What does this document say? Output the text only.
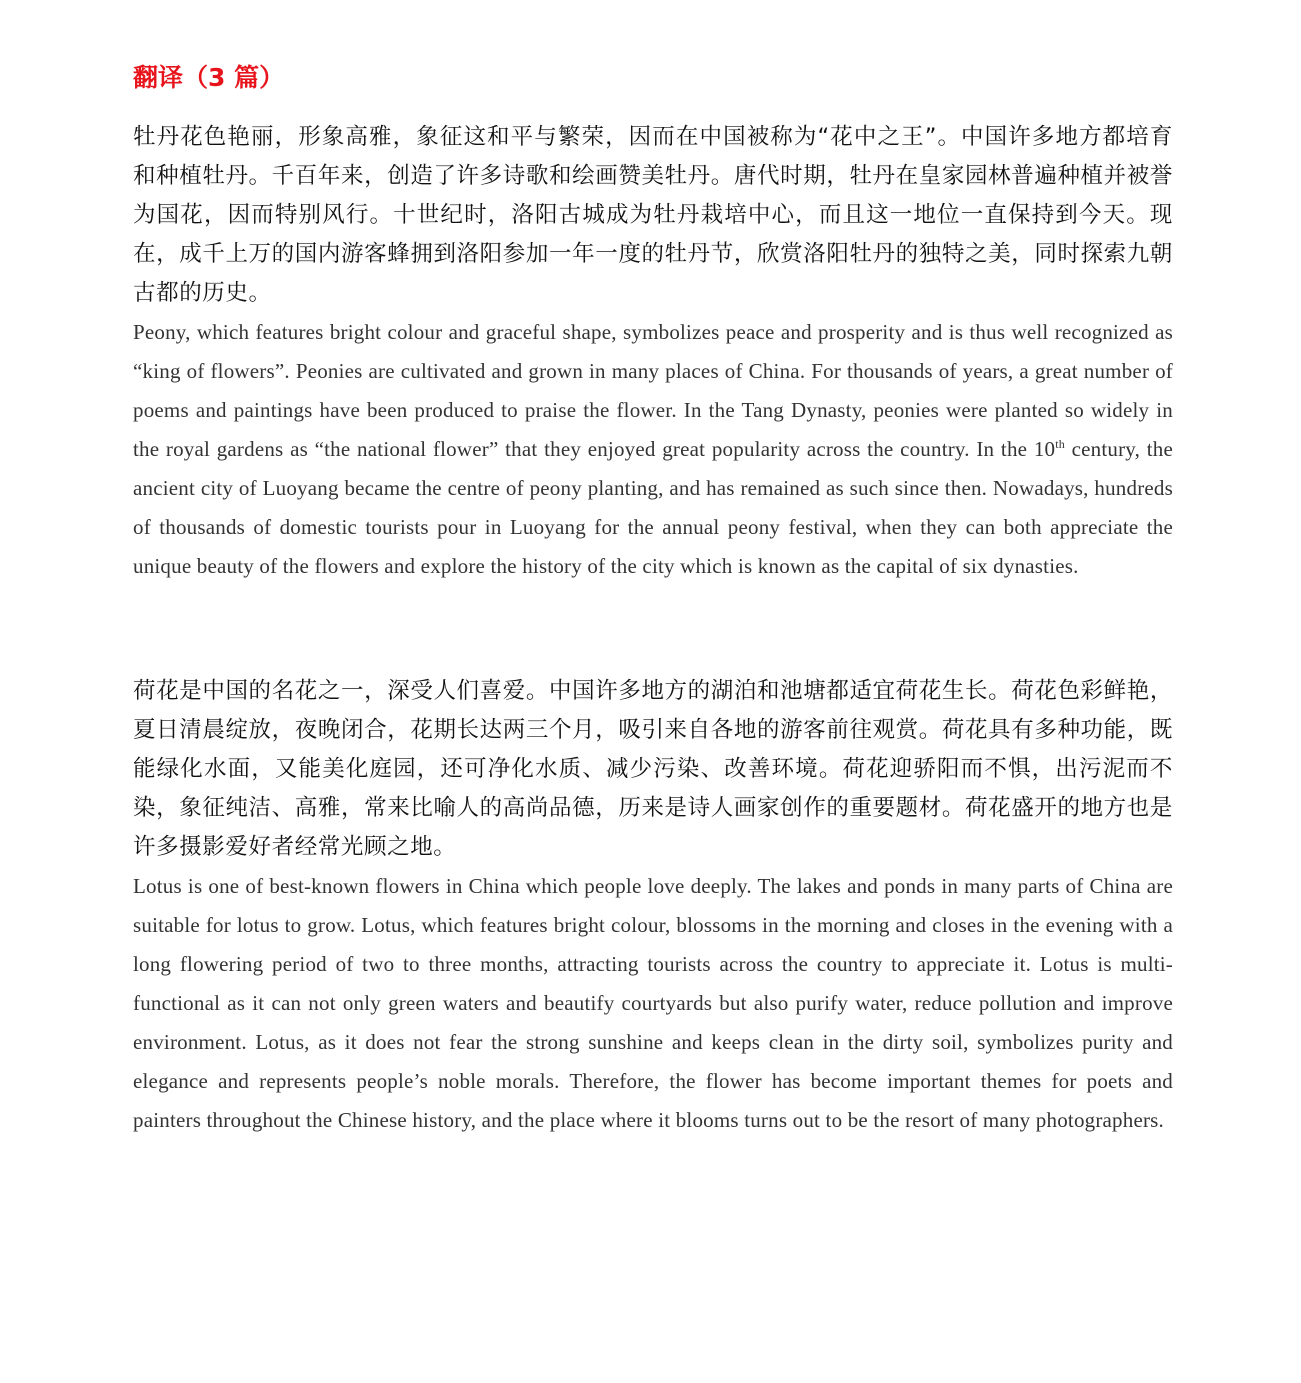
翻译（3 篇）

牡丹花色艳丽，形象高雅，象征这和平与繁荣，因而在中国被称为“花中之王”。中国许多地方都培育和种植牡丹。千百年来，创造了许多诗歌和绘画赞美牡丹。唐代时期，牡丹在皇家园林普遍种植并被誉为国花，因而特别风行。十世纪时，洛阳古城成为牡丹栽培中心，而且这一地位一直保持到今天。现在，成千上万的国内游客蜂拥到洛阳参加一年一度的牡丹节，欣赏洛阳牡丹的独特之美，同时探索九朝古都的历史。

Peony, which features bright colour and graceful shape, symbolizes peace and prosperity and is thus well recognized as “king of flowers”. Peonies are cultivated and grown in many places of China. For thousands of years, a great number of poems and paintings have been produced to praise the flower. In the Tang Dynasty, peonies were planted so widely in the royal gardens as “the national flower” that they enjoyed great popularity across the country. In the 10th century, the ancient city of Luoyang became the centre of peony planting, and has remained as such since then. Nowadays, hundreds of thousands of domestic tourists pour in Luoyang for the annual peony festival, when they can both appreciate the unique beauty of the flowers and explore the history of the city which is known as the capital of six dynasties.

荷花是中国的名花之一，深受人们喜爱。中国许多地方的湖泊和池塘都适宜荷花生长。荷花色彩鲜艳，夏日清晨绽放，夜晚闭合，花期长达两三个月，吸引来自各地的游客前往观赏。荷花具有多种功能，既能绿化水面，又能美化庭园，还可净化水质、减少污染、改善环境。荷花迎骄阳而不惧，出污泥而不染，象征纯洁、高雅，常来比喻人的高尚品德，历来是诗人画家创作的重要题材。荷花盛开的地方也是许多摄影爱好者经常光顾之地。

Lotus is one of best-known flowers in China which people love deeply. The lakes and ponds in many parts of China are suitable for lotus to grow. Lotus, which features bright colour, blossoms in the morning and closes in the evening with a long flowering period of two to three months, attracting tourists across the country to appreciate it. Lotus is multi-functional as it can not only green waters and beautify courtyards but also purify water, reduce pollution and improve environment. Lotus, as it does not fear the strong sunshine and keeps clean in the dirty soil, symbolizes purity and elegance and represents people’s noble morals. Therefore, the flower has become important themes for poets and painters throughout the Chinese history, and the place where it blooms turns out to be the resort of many photographers.
